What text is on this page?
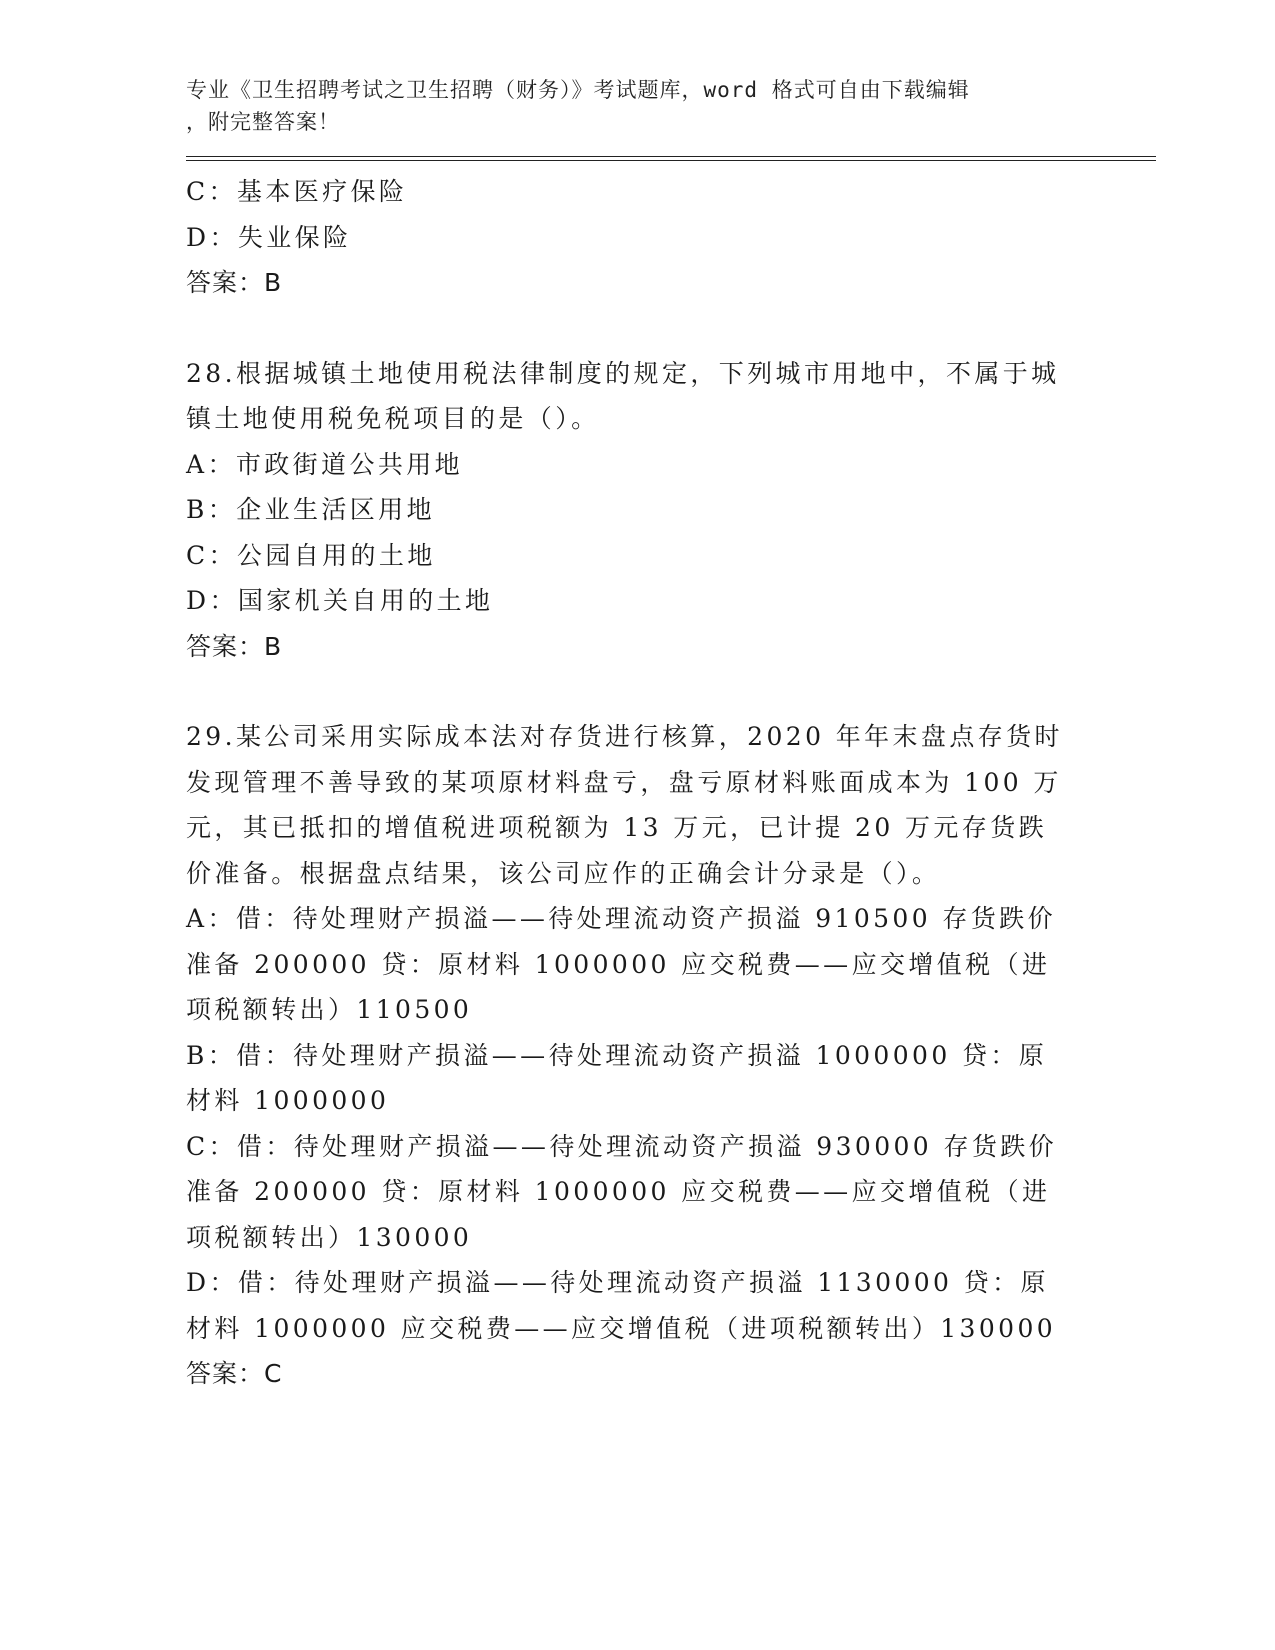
专业《卫生招聘考试之卫生招聘（财务）》考试题库，word 格式可自由下载编辑
，附完整答案！
C：基本医疗保险
D：失业保险
答案：B
28.根据城镇土地使用税法律制度的规定，下列城市用地中，不属于城镇土地使用税免税项目的是（）。
A：市政街道公共用地
B：企业生活区用地
C：公园自用的土地
D：国家机关自用的土地
答案：B
29.某公司采用实际成本法对存货进行核算，2020 年年末盘点存货时发现管理不善导致的某项原材料盘亏，盘亏原材料账面成本为 100 万元，其已抵扣的增值税进项税额为 13 万元，已计提 20 万元存货跌价准备。根据盘点结果，该公司应作的正确会计分录是（）。
A：借：待处理财产损溢——待处理流动资产损溢 910500 存货跌价准备 200000 贷：原材料 1000000 应交税费——应交增值税（进项税额转出）110500
B：借：待处理财产损溢——待处理流动资产损溢 1000000 贷：原材料 1000000
C：借：待处理财产损溢——待处理流动资产损溢 930000 存货跌价准备 200000 贷：原材料 1000000 应交税费——应交增值税（进项税额转出）130000
D：借：待处理财产损溢——待处理流动资产损溢 1130000 贷：原材料 1000000 应交税费——应交增值税（进项税额转出）130000
答案：C
